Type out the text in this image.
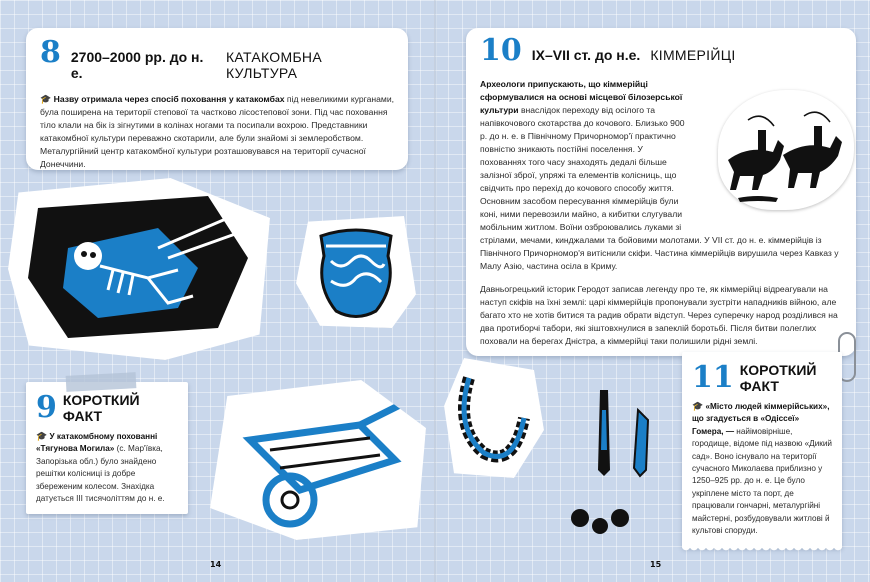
8 2700–2000 рр. до н. е.
КАТАКОМБНА КУЛЬТУРА

🎓 Назву отримала через спосіб поховання у катакомбах під невеликими курганами, була поширена на території степової та частково лісостепової зони. Під час поховання тіло клали на бік із зігнутими в колінах ногами та посипали вохрою. Представники катакомбної культури переважно скотарили, але були знайомі зі землеробством. Металургійний центр катакомбної культури розташовувався на території сучасної Донеччини.

9 КОРОТКИЙ ФАКТ

🎓 У катакомбному похованні «Тягунова Могила» (с. Мар'ївка, Запорізька обл.) було знайдено решітки колісниці із добре збереженим колесом. Знахідка датується ІІІ тисячоліттям до н. е.

10 IX–VII ст. до н.е. КІММЕРІЙЦІ

Археологи припускають, що кіммерійці сформувалися на основі місцевої білозерської культури внаслідок переходу від осілого та напівкочового скотарства до кочового. Близько 900 р. до н. е. в Північному Причорномор'ї практично повністю зникають постійні поселення. У похованнях того часу знаходять дедалі більше залізної зброї, упряжі та елементів колісниць, що свідчить про перехід до кочового способу життя. Основним засобом пересування кіммерійців були коні, ними перевозили майно, а кибитки слугували мобільним житлом. Воїни озброювались луками зі

стрілами, мечами, кинджалами та бойовими молотами. У VII ст. до н. е. кіммерійців із Північного Причорномор'я витіснили скіфи. Частина кіммерійців вирушила через Кавказ у Малу Азію, частина осіла в Криму.

Давньогрецький історик Геродот записав легенду про те, як кіммерійці відреагували на наступ скіфів на їхні землі: царі кіммерійців пропонували зустріти нападників війною, але багато хто не хотів битися та радив обрати відступ. Через суперечку народ розділився на два протиборчі табори, які зіштовхнулися в запеклій боротьбі. Після битви полеглих поховали на берегах Дністра, а кіммерійці таки полишили рідні землі.

11 КОРОТКИЙ ФАКТ

🎓 «Місто людей кіммерійських», що згадується в «Одіссеї» Гомера, — найімовірніше, городище, відоме під назвою «Дикий сад». Воно існувало на території сучасного Миколаєва приблизно у 1250–925 рр. до н. е. Це було укріплене місто та порт, де працювали гончарні, металургійні майстерні, розбудовували житлові й культові споруди.

14	15
